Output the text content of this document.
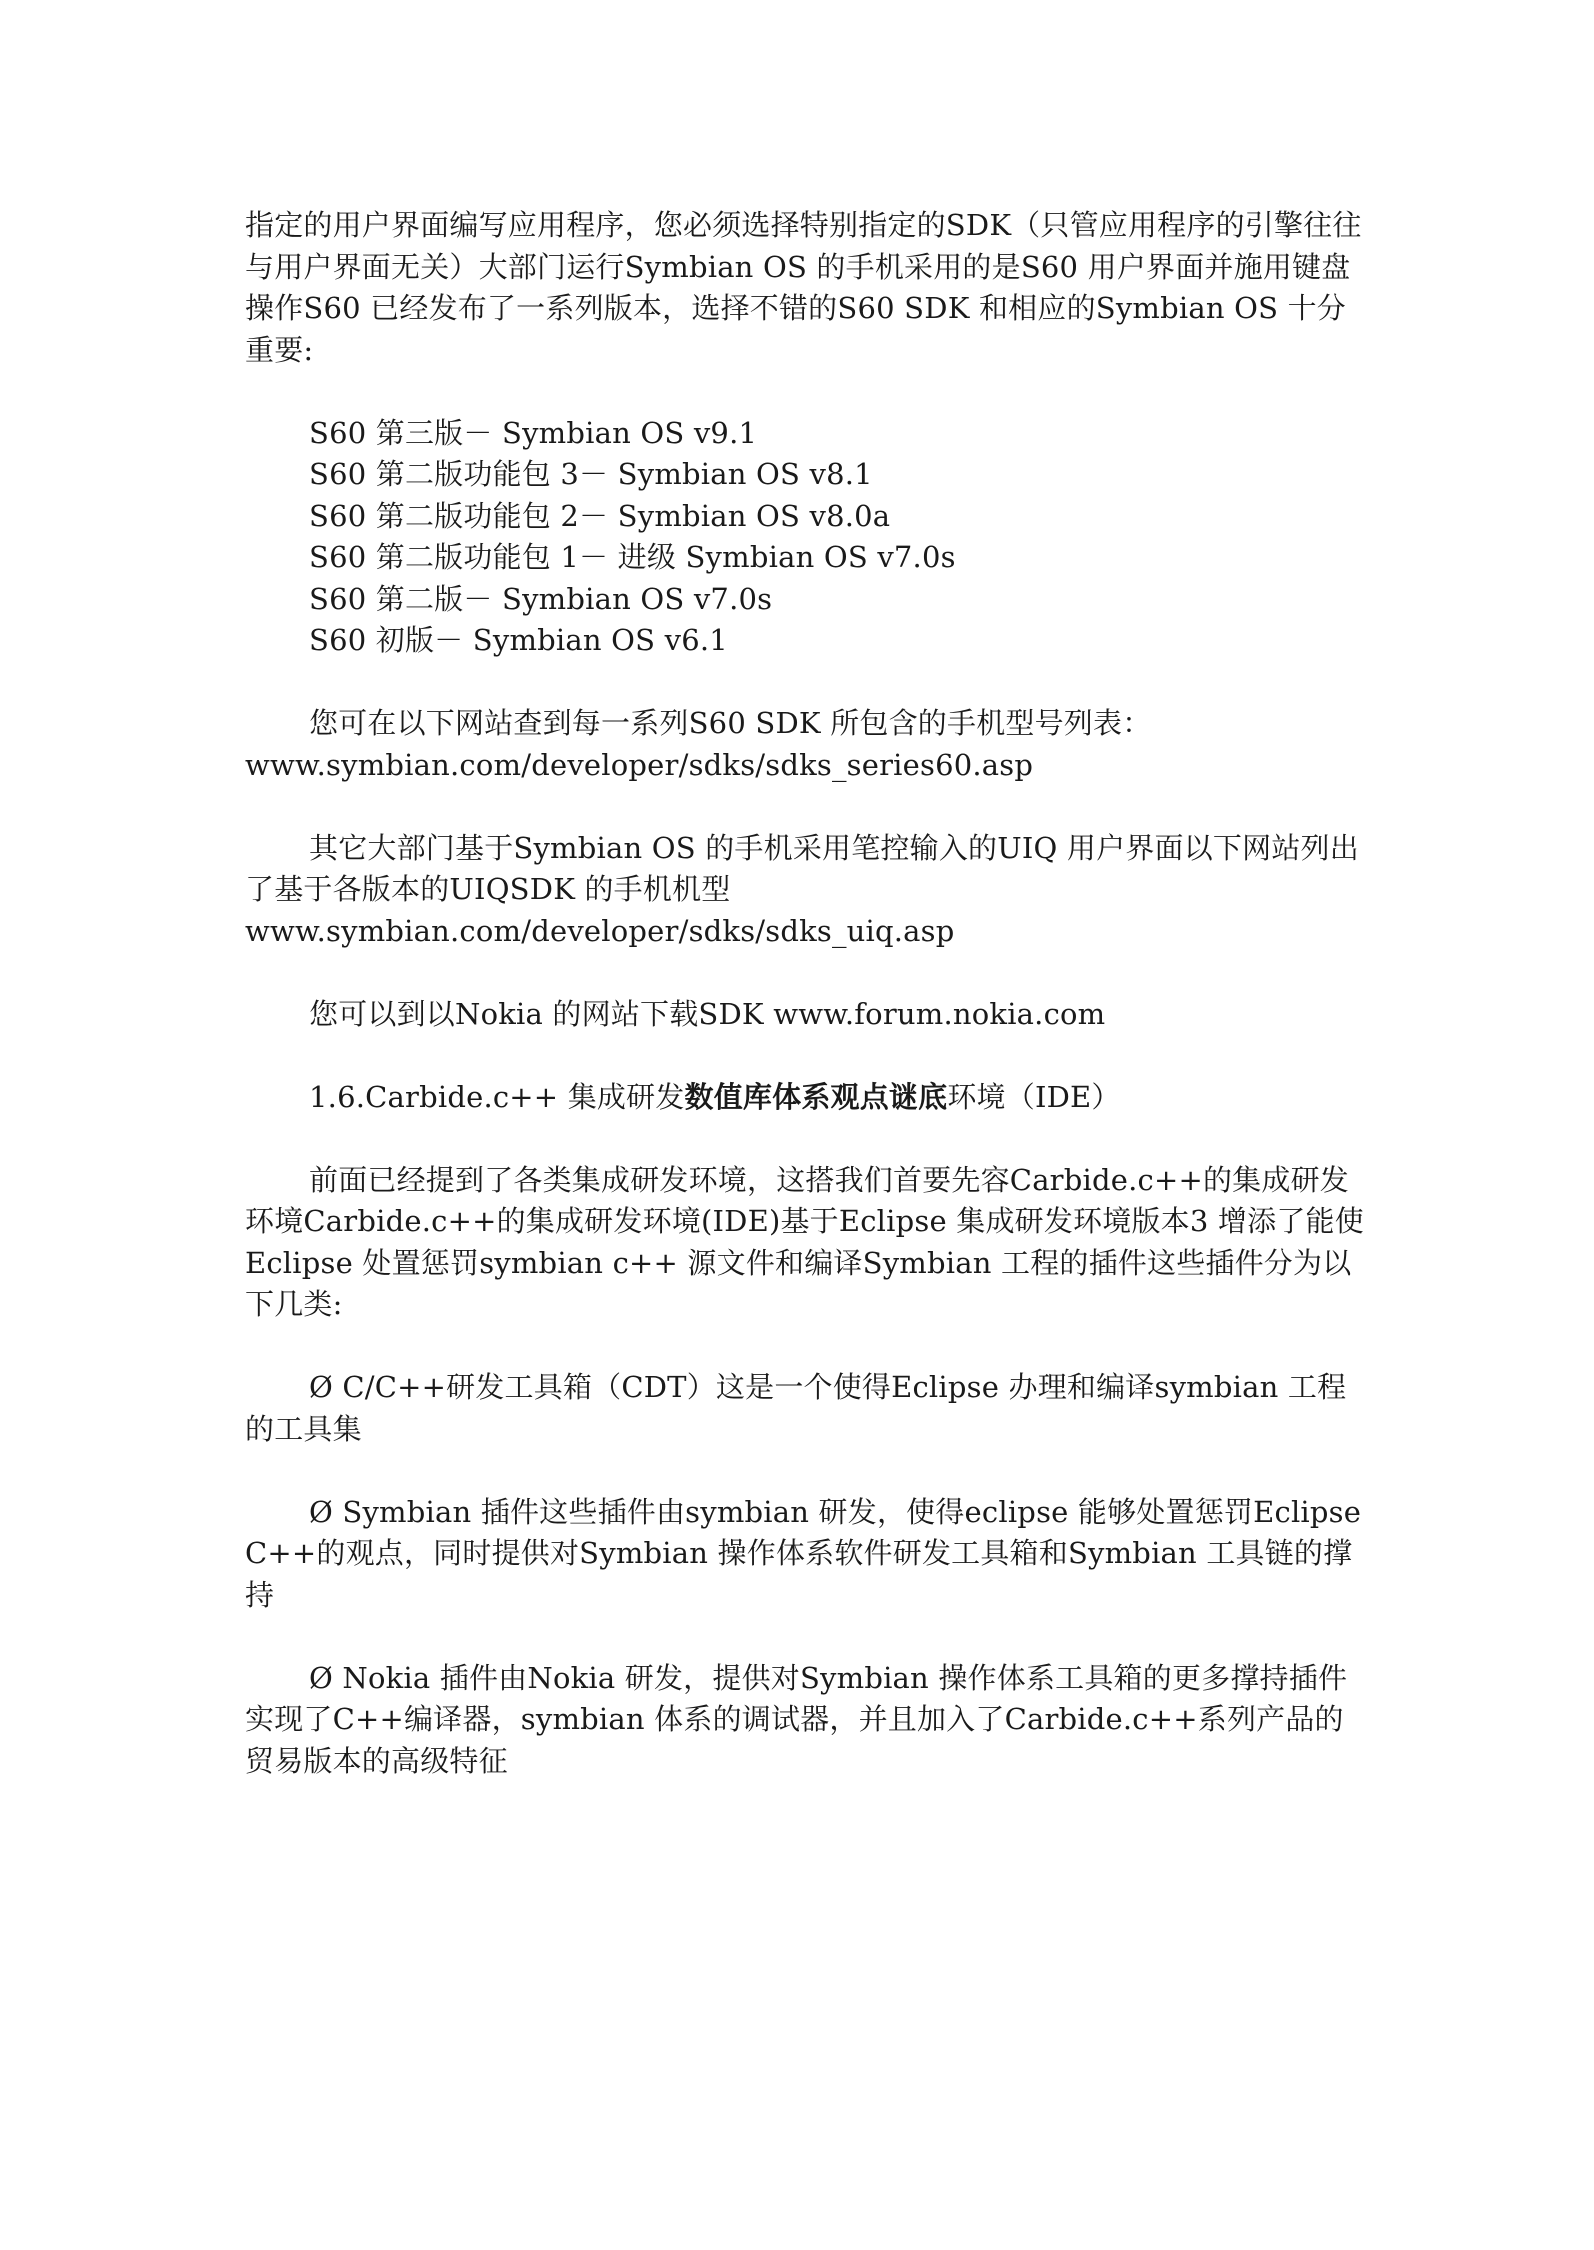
指定的用户界面编写应用程序，您必须选择特别指定的SDK（只管应用程序的引擎往往与用户界面无关）大部门运行Symbian OS 的手机采用的是S60 用户界面并施用键盘操作S60 已经发布了一系列版本，选择不错的S60 SDK 和相应的Symbian OS 十分重要:

S60 第三版－ Symbian OS v9.1

S60 第二版功能包 3－ Symbian OS v8.1

S60 第二版功能包 2－ Symbian OS v8.0a

S60 第二版功能包 1－ 进级 Symbian OS v7.0s

S60 第二版－ Symbian OS v7.0s

S60 初版－ Symbian OS v6.1

您可在以下网站查到每一系列S60 SDK 所包含的手机型号列表：
www.symbian.com/developer/sdks/sdks_series60.asp

其它大部门基于Symbian OS 的手机采用笔控输入的UIQ 用户界面以下网站列出了基于各版本的UIQSDK 的手机机型
www.symbian.com/developer/sdks/sdks_uiq.asp

您可以到以Nokia 的网站下载SDK www.forum.nokia.com

1.6.Carbide.c++ 集成研发数值库体系观点谜底环境（IDE）

前面已经提到了各类集成研发环境，这搭我们首要先容Carbide.c++的集成研发环境Carbide.c++的集成研发环境(IDE)基于Eclipse 集成研发环境版本3 增添了能使Eclipse 处置惩罚symbian c++ 源文件和编译Symbian 工程的插件这些插件分为以下几类:

Ø C/C++研发工具箱（CDT）这是一个使得Eclipse 办理和编译symbian 工程的工具集

Ø Symbian 插件这些插件由symbian 研发，使得eclipse 能够处置惩罚Eclipse C++的观点，同时提供对Symbian 操作体系软件研发工具箱和Symbian 工具链的撑持

Ø Nokia 插件由Nokia 研发，提供对Symbian 操作体系工具箱的更多撑持插件实现了C++编译器，symbian 体系的调试器，并且加入了Carbide.c++系列产品的贸易版本的高级特征
